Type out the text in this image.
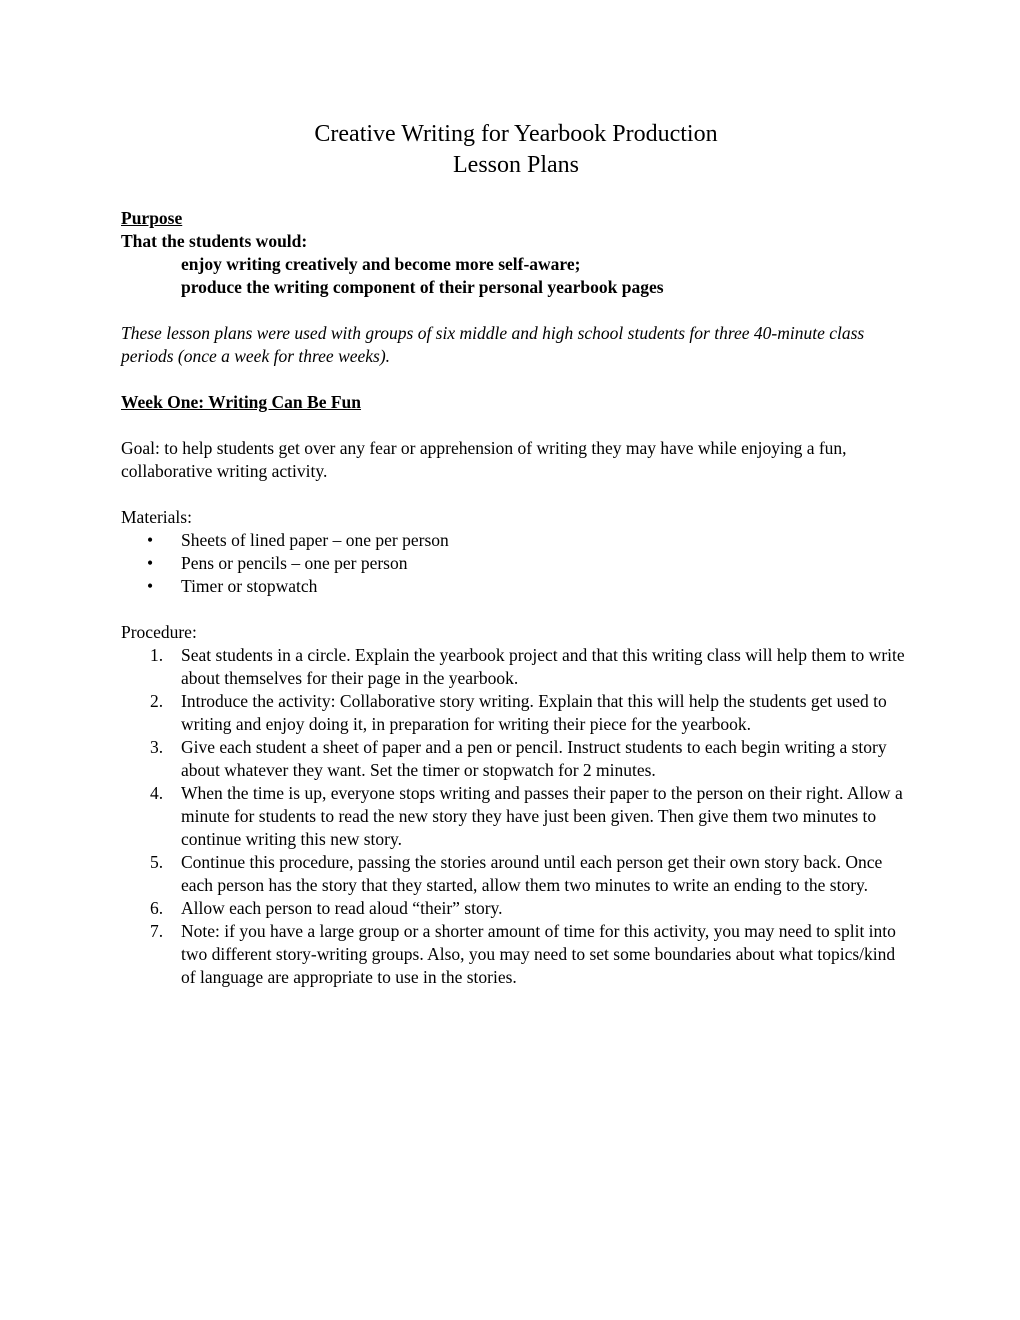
Creative Writing for Yearbook Production

Lesson Plans

Purpose

That the students would:

enjoy writing creatively and become more self-aware;

produce the writing component of their personal yearbook pages

These lesson plans were used with groups of six middle and high school students for three 40-minute class periods (once a week for three weeks).

Week One: Writing Can Be Fun

Goal: to help students get over any fear or apprehension of writing they may have while enjoying a fun, collaborative writing activity.

Materials:

• Sheets of lined paper – one per person
• Pens or pencils – one per person
• Timer or stopwatch

Procedure:

1. Seat students in a circle. Explain the yearbook project and that this writing class will help them to write about themselves for their page in the yearbook.
2. Introduce the activity: Collaborative story writing. Explain that this will help the students get used to writing and enjoy doing it, in preparation for writing their piece for the yearbook.
3. Give each student a sheet of paper and a pen or pencil. Instruct students to each begin writing a story about whatever they want. Set the timer or stopwatch for 2 minutes.
4. When the time is up, everyone stops writing and passes their paper to the person on their right. Allow a minute for students to read the new story they have just been given. Then give them two minutes to continue writing this new story.
5. Continue this procedure, passing the stories around until each person get their own story back. Once each person has the story that they started, allow them two minutes to write an ending to the story.
6. Allow each person to read aloud “their” story.
7. Note: if you have a large group or a shorter amount of time for this activity, you may need to split into two different story-writing groups. Also, you may need to set some boundaries about what topics/kind of language are appropriate to use in the stories.
